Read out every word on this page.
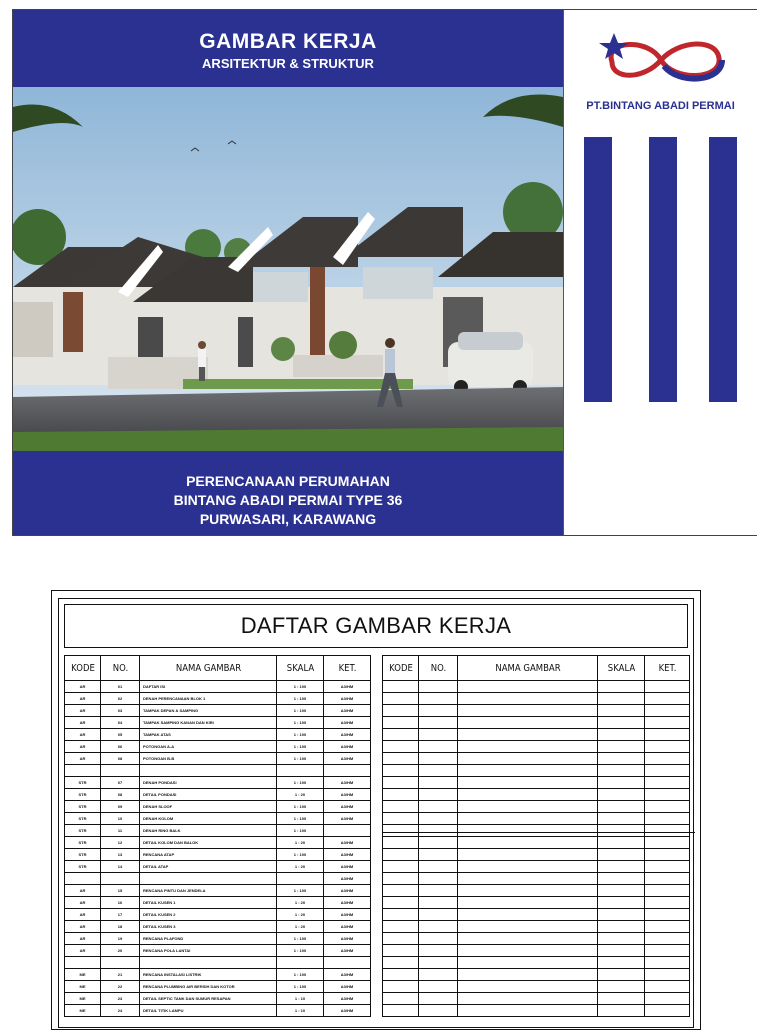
GAMBAR KERJA
ARSITEKTUR & STRUKTUR
PERENCANAAN PERUMAHAN
BINTANG ABADI PERMAI TYPE 36
PURWASARI, KARAWANG
PT.BINTANG ABADI PERMAI
DAFTAR GAMBAR KERJA
KODE	NO.	NAMA GAMBAR	SKALA	KET.
AR	01	DAFTAR ISI	1 : 100	A3/HM
AR	02	DENAH PERENCANAAN BLOK 1	1 : 100	A3/HM
AR	03	TAMPAK DEPAN & SAMPING	1 : 100	A3/HM
AR	04	TAMPAK SAMPING KANAN DAN KIRI	1 : 100	A3/HM
AR	05	TAMPAK ATAS	1 : 100	A3/HM
AR	06	POTONGAN A-A	1 : 100	A3/HM
AR	08	POTONGAN B-B	1 : 100	A3/HM

STR	07	DENAH PONDASI	1 : 100	A3/HM
STR	08	DETAIL PONDASI	1 : 20	A3/HM
STR	09	DENAH SLOOF	1 : 100	A3/HM
STR	10	DENAH KOLOM	1 : 100	A3/HM
STR	11	DENAH RING BALK	1 : 100	
STR	12	DETAIL KOLOM DAN BALOK	1 : 20	A3/HM
STR	13	RENCANA ATAP	1 : 100	A3/HM
STR	14	DETAIL ATAP	1 : 20	A3/HM
				A3/HM
AR	15	RENCANA PINTU DAN JENDELA	1 : 100	A3/HM
AR	16	DETAIL KUSEN 1	1 : 20	A3/HM
AR	17	DETAIL KUSEN 2	1 : 20	A3/HM
AR	18	DETAIL KUSEN 3	1 : 20	A3/HM
AR	19	RENCANA PLAFOND	1 : 100	A3/HM
AR	20	RENCANA POLA LANTAI	1 : 100	A3/HM

ME	21	RENCANA INSTALASI LISTRIK	1 : 100	A3/HM
ME	22	RENCANA PLUMBING AIR BERSIH DAN KOTOR	1 : 100	A3/HM
ME	23	DETAIL SEPTIC TANK DAN SUMUR RESAPAN	1 : 10	A3/HM
ME	24	DETAIL TITIK LAMPU	1 : 10	A3/HM
KODE	NO.	NAMA GAMBAR	SKALA	KET.
